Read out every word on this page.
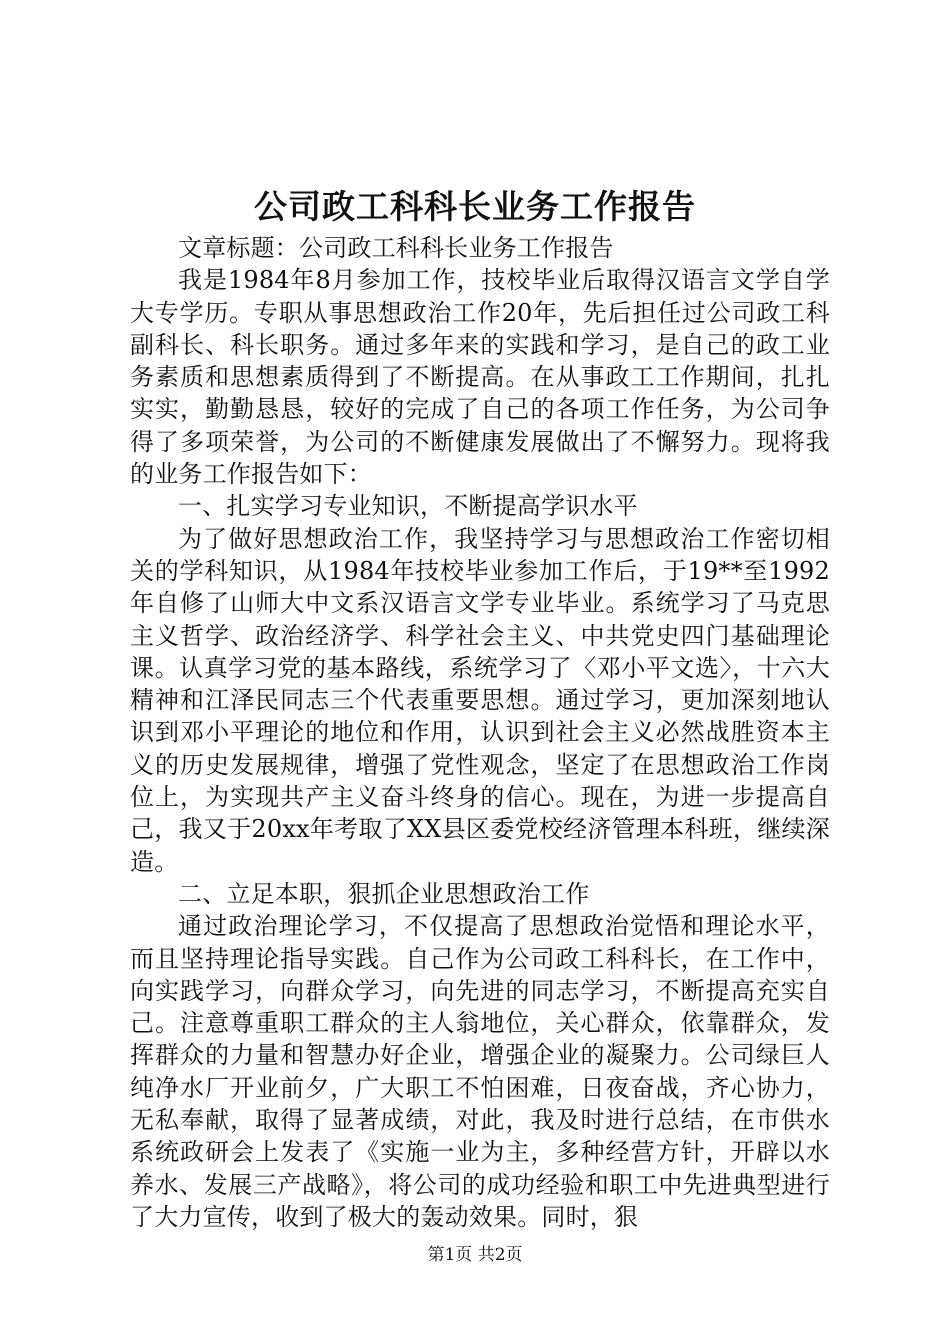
公司政工科科长业务工作报告

文章标题：公司政工科科长业务工作报告

我是1984年8月参加工作，技校毕业后取得汉语言文学自学大专学历。专职从事思想政治工作20年，先后担任过公司政工科副科长、科长职务。通过多年来的实践和学习，是自己的政工业务素质和思想素质得到了不断提高。在从事政工工作期间，扎扎实实，勤勤恳恳，较好的完成了自己的各项工作任务，为公司争得了多项荣誉，为公司的不断健康发展做出了不懈努力。现将我的业务工作报告如下：

一、扎实学习专业知识，不断提高学识水平

为了做好思想政治工作，我坚持学习与思想政治工作密切相关的学科知识，从1984年技校毕业参加工作后，于19**至1992年自修了山师大中文系汉语言文学专业毕业。系统学习了马克思主义哲学、政治经济学、科学社会主义、中共党史四门基础理论课。认真学习党的基本路线，系统学习了〈邓小平文选〉，十六大精神和江泽民同志三个代表重要思想。通过学习，更加深刻地认识到邓小平理论的地位和作用，认识到社会主义必然战胜资本主义的历史发展规律，增强了党性观念，坚定了在思想政治工作岗位上，为实现共产主义奋斗终身的信心。现在，为进一步提高自己，我又于20xx年考取了XX县区委党校经济管理本科班，继续深造。

二、立足本职，狠抓企业思想政治工作

通过政治理论学习，不仅提高了思想政治觉悟和理论水平，而且坚持理论指导实践。自己作为公司政工科科长，在工作中，向实践学习，向群众学习，向先进的同志学习，不断提高充实自己。注意尊重职工群众的主人翁地位，关心群众，依靠群众，发挥群众的力量和智慧办好企业，增强企业的凝聚力。公司绿巨人纯净水厂开业前夕，广大职工不怕困难，日夜奋战，齐心协力，无私奉献，取得了显著成绩，对此，我及时进行总结，在市供水系统政研会上发表了《实施一业为主，多种经营方针，开辟以水养水、发展三产战略》，将公司的成功经验和职工中先进典型进行了大力宣传，收到了极大的轰动效果。同时，狠

第1页 共2页
